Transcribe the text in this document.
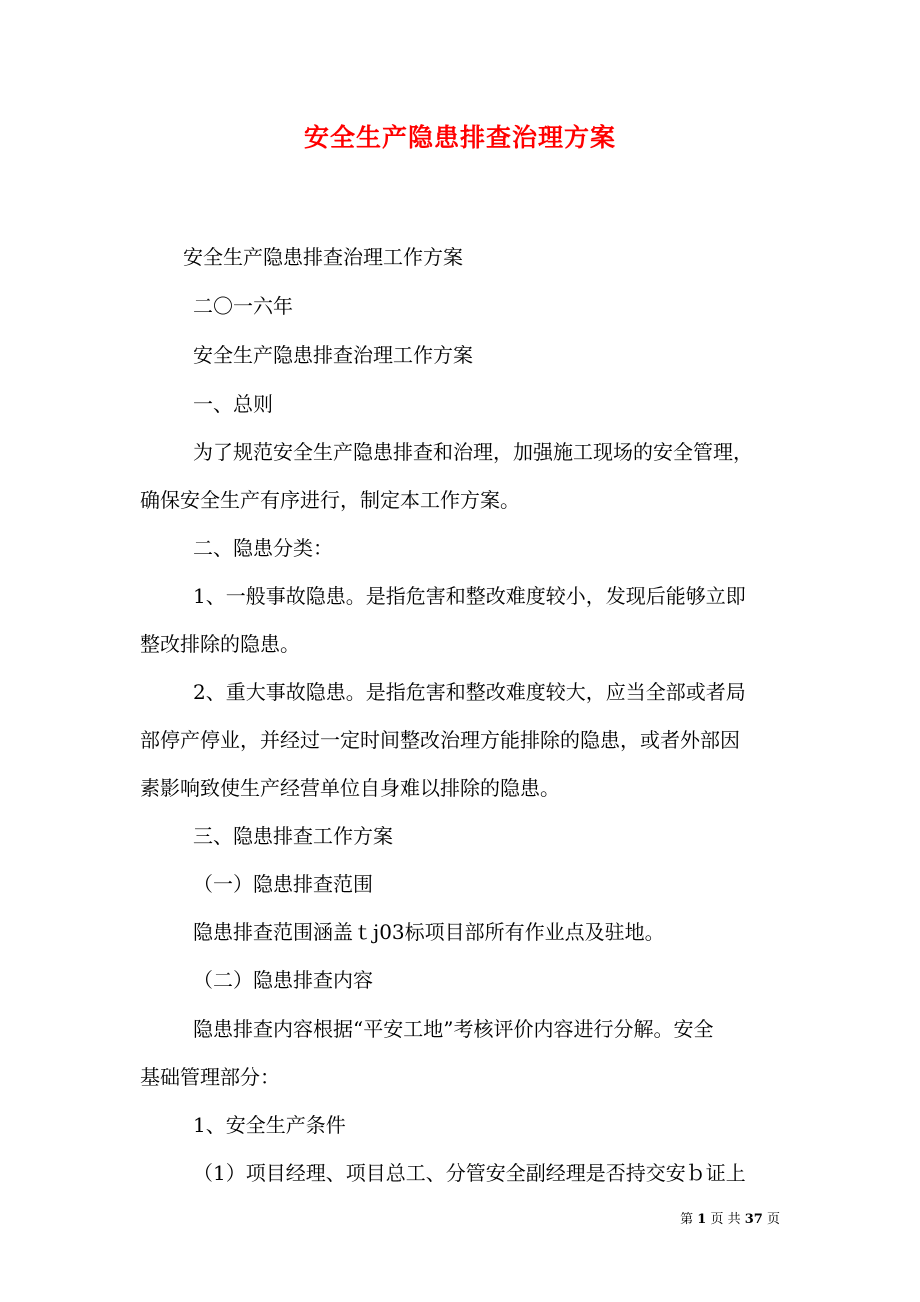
安全生产隐患排查治理方案
安全生产隐患排查治理工作方案
二〇一六年
安全生产隐患排查治理工作方案
一、总则
为了规范安全生产隐患排查和治理，加强施工现场的安全管理，
确保安全生产有序进行，制定本工作方案。
二、隐患分类：
1、一般事故隐患。是指危害和整改难度较小，发现后能够立即
整改排除的隐患。
2、重大事故隐患。是指危害和整改难度较大，应当全部或者局
部停产停业，并经过一定时间整改治理方能排除的隐患，或者外部因
素影响致使生产经营单位自身难以排除的隐患。
三、隐患排查工作方案
（一）隐患排查范围
隐患排查范围涵盖ｔj03标项目部所有作业点及驻地。
（二）隐患排查内容
隐患排查内容根据“平安工地”考核评价内容进行分解。安全
基础管理部分：
1、安全生产条件
（1）项目经理、项目总工、分管安全副经理是否持交安ｂ证上
第 1 页 共 37 页
